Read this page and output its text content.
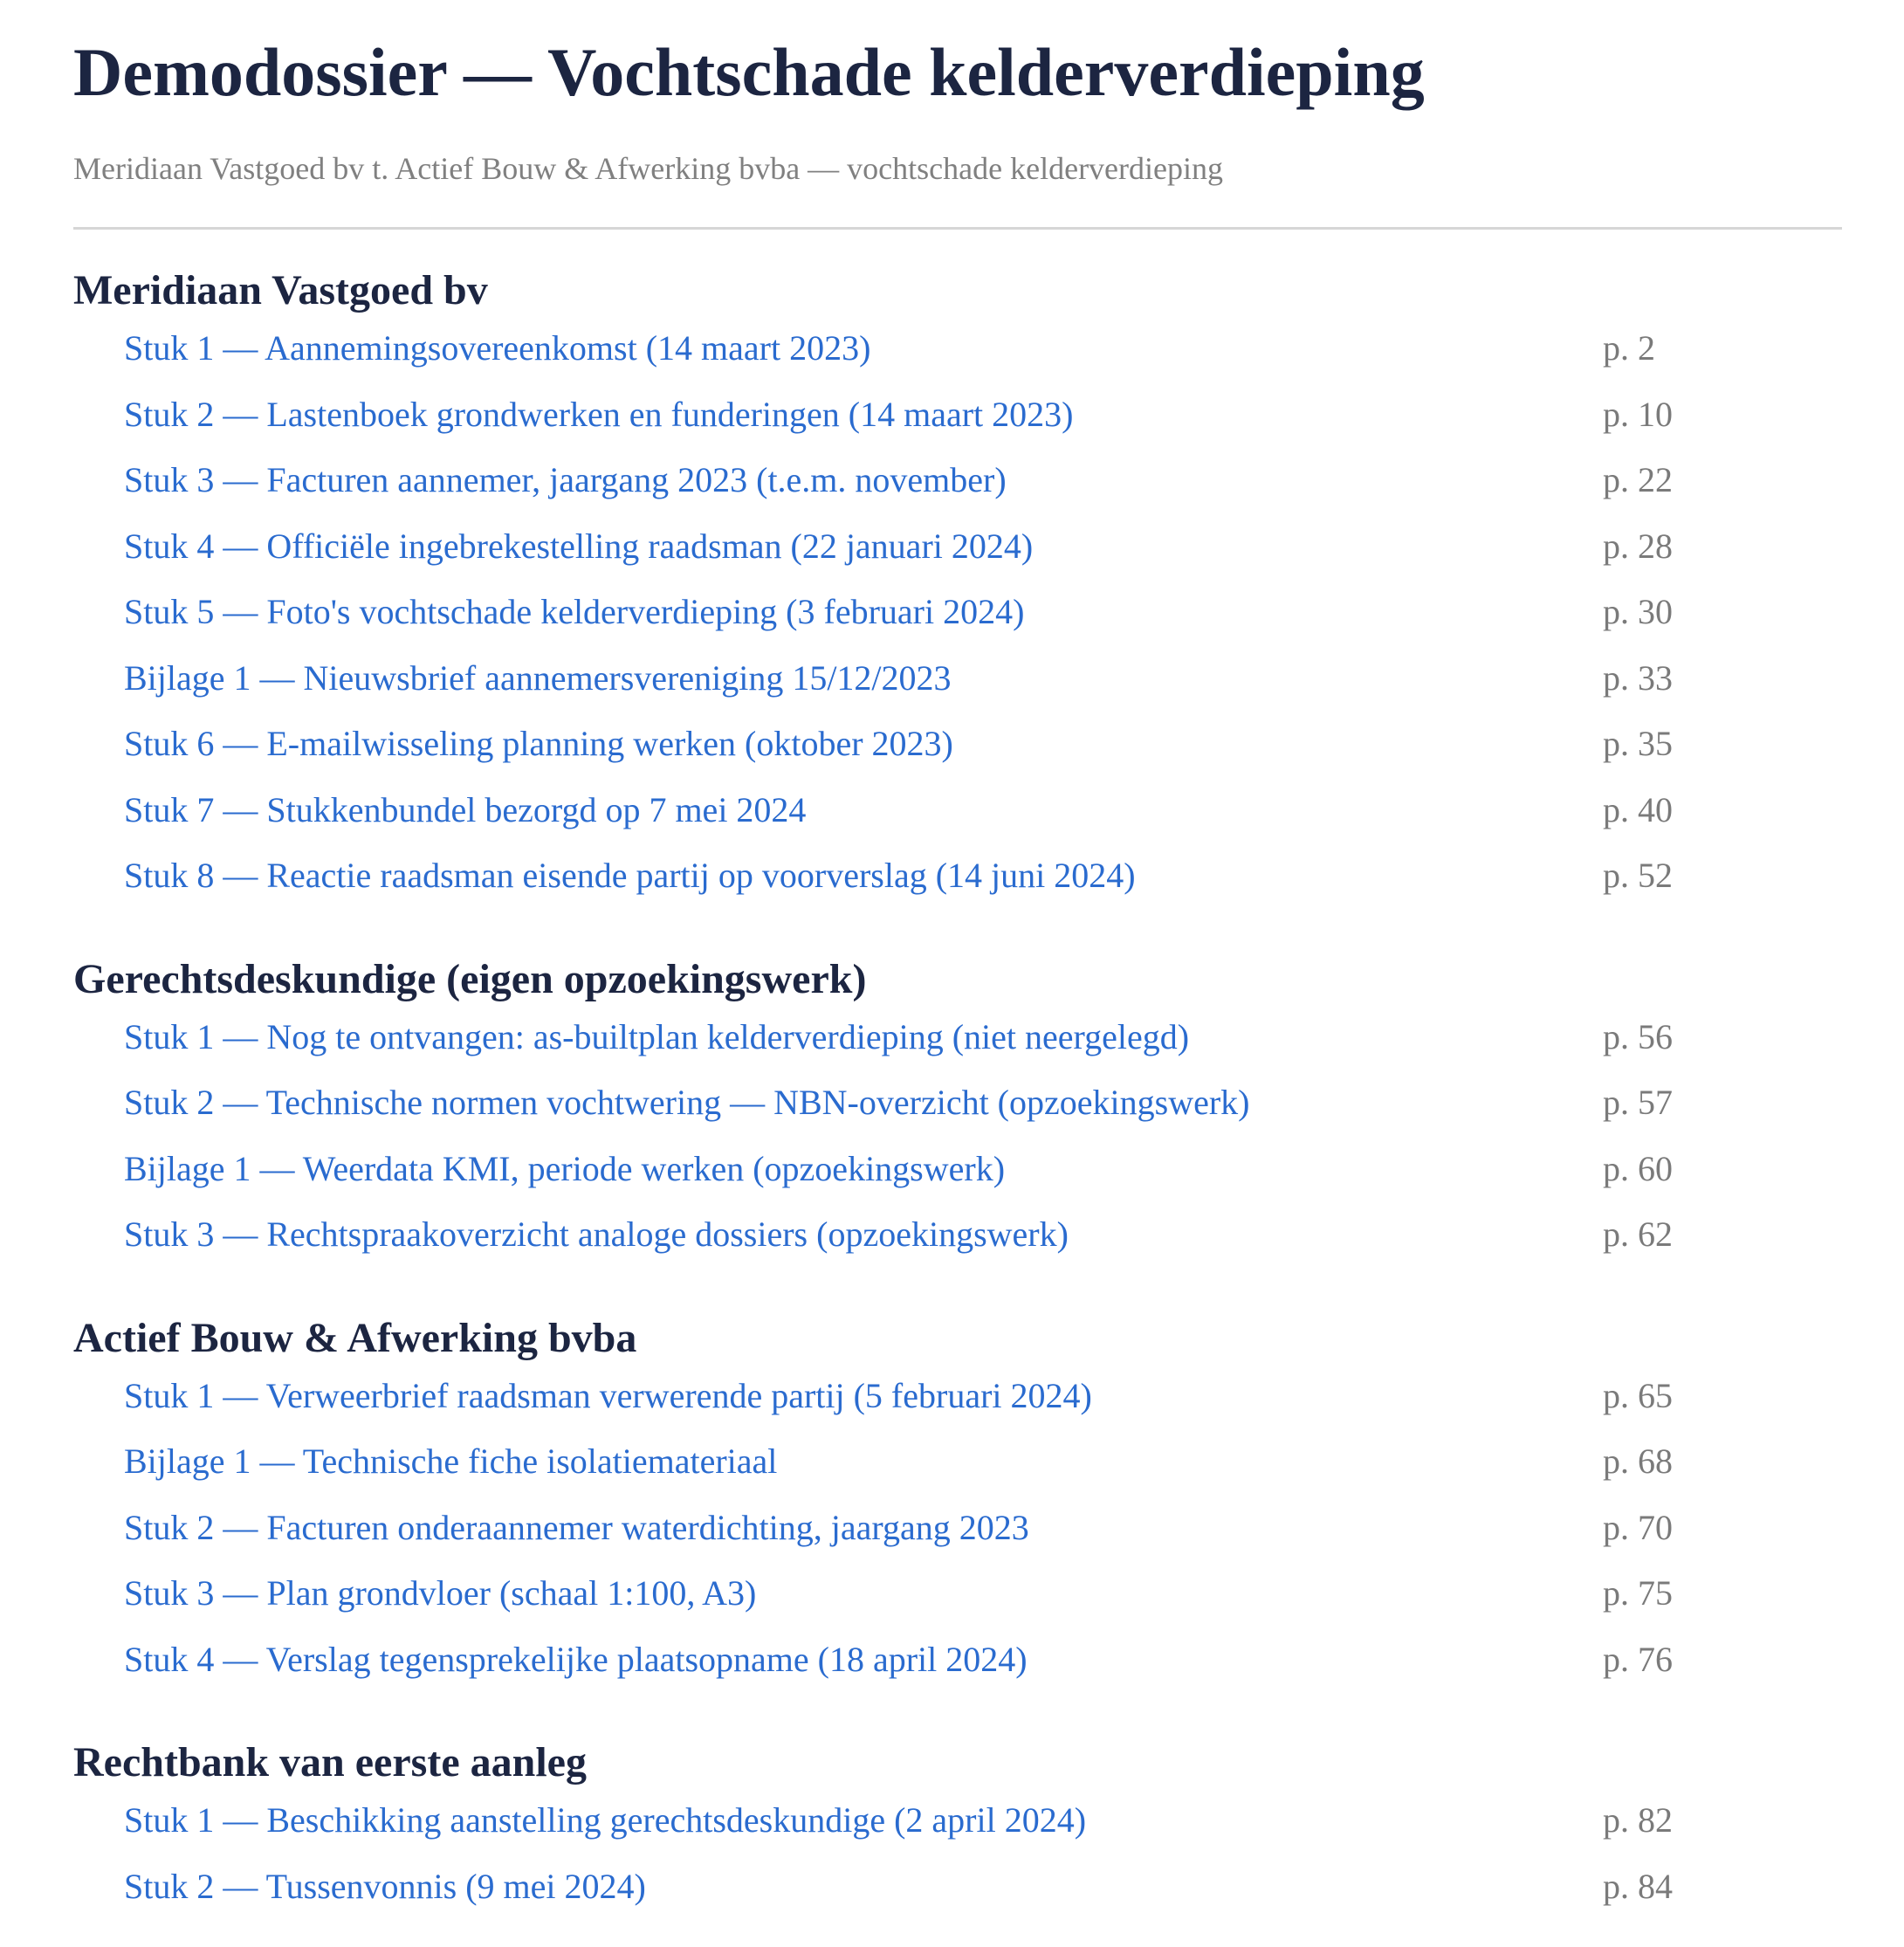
Demodossier — Vochtschade kelderverdieping
Meridiaan Vastgoed bv t. Actief Bouw & Afwerking bvba — vochtschade kelderverdieping
Meridiaan Vastgoed bv
Stuk 1 — Aannemingsovereenkomst (14 maart 2023)	p. 2
Stuk 2 — Lastenboek grondwerken en funderingen (14 maart 2023)	p. 10
Stuk 3 — Facturen aannemer, jaargang 2023 (t.e.m. november)	p. 22
Stuk 4 — Officiële ingebrekestelling raadsman (22 januari 2024)	p. 28
Stuk 5 — Foto's vochtschade kelderverdieping (3 februari 2024)	p. 30
Bijlage 1 — Nieuwsbrief aannemersvereniging 15/12/2023	p. 33
Stuk 6 — E-mailwisseling planning werken (oktober 2023)	p. 35
Stuk 7 — Stukkenbundel bezorgd op 7 mei 2024	p. 40
Stuk 8 — Reactie raadsman eisende partij op voorverslag (14 juni 2024)	p. 52
Gerechtsdeskundige (eigen opzoekingswerk)
Stuk 1 — Nog te ontvangen: as-builtplan kelderverdieping (niet neergelegd)	p. 56
Stuk 2 — Technische normen vochtwering — NBN-overzicht (opzoekingswerk)	p. 57
Bijlage 1 — Weerdata KMI, periode werken (opzoekingswerk)	p. 60
Stuk 3 — Rechtspraakoverzicht analoge dossiers (opzoekingswerk)	p. 62
Actief Bouw & Afwerking bvba
Stuk 1 — Verweerbrief raadsman verwerende partij (5 februari 2024)	p. 65
Bijlage 1 — Technische fiche isolatiemateriaal	p. 68
Stuk 2 — Facturen onderaannemer waterdichting, jaargang 2023	p. 70
Stuk 3 — Plan grondvloer (schaal 1:100, A3)	p. 75
Stuk 4 — Verslag tegensprekelijke plaatsopname (18 april 2024)	p. 76
Rechtbank van eerste aanleg
Stuk 1 — Beschikking aanstelling gerechtsdeskundige (2 april 2024)	p. 82
Stuk 2 — Tussenvonnis (9 mei 2024)	p. 84
